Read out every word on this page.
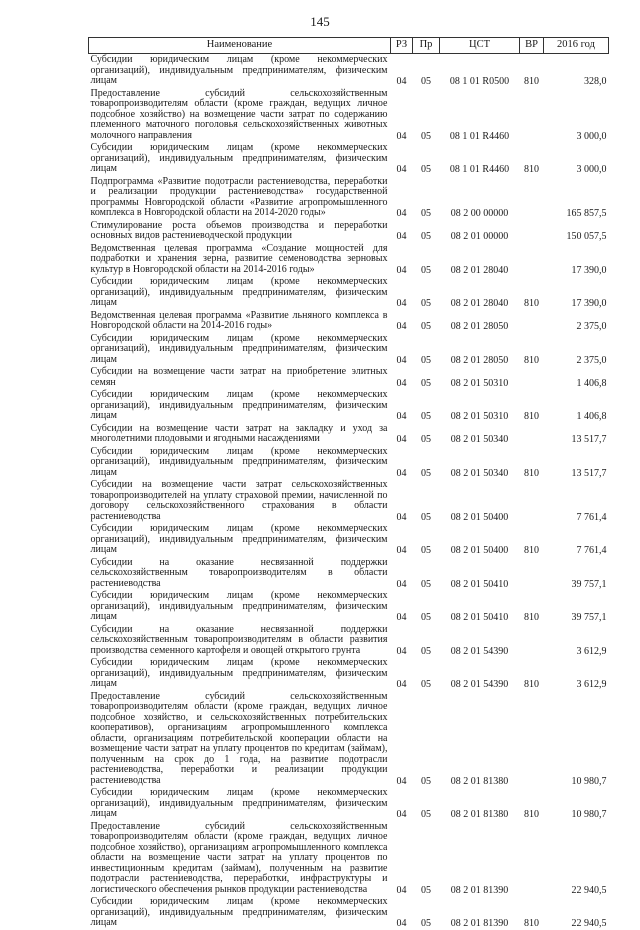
145
Наименование	РЗ	Пр	ЦСТ	ВР	2016 год
Субсидии юридическим лицам (кроме некоммерческих организаций), индивидуальным предпринимателям, физическим лицам	04	05	08 1 01 R0500	810	328,0
Предоставление субсидий сельскохозяйственным товаропроизводителям области (кроме граждан, ведущих личное подсобное хозяйство) на возмещение части затрат по содержанию племенного маточного поголовья сельскохозяйственных животных молочного направления	04	05	08 1 01 R4460		3 000,0
Субсидии юридическим лицам (кроме некоммерческих организаций), индивидуальным предпринимателям, физическим лицам	04	05	08 1 01 R4460	810	3 000,0
Подпрограмма «Развитие подотрасли растениеводства, переработки и реализации продукции растениеводства» государственной программы Новгородской области «Развитие агропромышленного комплекса в Новгородской области на 2014-2020 годы»	04	05	08 2 00 00000		165 857,5
Стимулирование роста объемов производства и переработки основных видов растениеводческой продукции	04	05	08 2 01 00000		150 057,5
Ведомственная целевая программа «Создание мощностей для подработки и хранения зерна, развитие семеноводства зерновых культур в Новгородской области на 2014-2016 годы»	04	05	08 2 01 28040		17 390,0
Субсидии юридическим лицам (кроме некоммерческих организаций), индивидуальным предпринимателям, физическим лицам	04	05	08 2 01 28040	810	17 390,0
Ведомственная целевая программа «Развитие льняного комплекса в Новгородской области на 2014-2016 годы»	04	05	08 2 01 28050		2 375,0
Субсидии юридическим лицам (кроме некоммерческих организаций), индивидуальным предпринимателям, физическим лицам	04	05	08 2 01 28050	810	2 375,0
Субсидии на возмещение части затрат на приобретение элитных семян	04	05	08 2 01 50310		1 406,8
Субсидии юридическим лицам (кроме некоммерческих организаций), индивидуальным предпринимателям, физическим лицам	04	05	08 2 01 50310	810	1 406,8
Субсидии на возмещение части затрат на закладку и уход за многолетними плодовыми и ягодными насаждениями	04	05	08 2 01 50340		13 517,7
Субсидии юридическим лицам (кроме некоммерческих организаций), индивидуальным предпринимателям, физическим лицам	04	05	08 2 01 50340	810	13 517,7
Субсидии на возмещение части затрат сельскохозяйственных товаропроизводителей на уплату страховой премии, начисленной по договору сельскохозяйственного страхования в области растениеводства	04	05	08 2 01 50400		7 761,4
Субсидии юридическим лицам (кроме некоммерческих организаций), индивидуальным предпринимателям, физическим лицам	04	05	08 2 01 50400	810	7 761,4
Субсидии на оказание несвязанной поддержки сельскохозяйственным товаропроизводителям в области растениеводства	04	05	08 2 01 50410		39 757,1
Субсидии юридическим лицам (кроме некоммерческих организаций), индивидуальным предпринимателям, физическим лицам	04	05	08 2 01 50410	810	39 757,1
Субсидии на оказание несвязанной поддержки сельскохозяйственным товаропроизводителям в области развития производства семенного картофеля и овощей открытого грунта	04	05	08 2 01 54390		3 612,9
Субсидии юридическим лицам (кроме некоммерческих организаций), индивидуальным предпринимателям, физическим лицам	04	05	08 2 01 54390	810	3 612,9
Предоставление субсидий сельскохозяйственным товаропроизводителям области (кроме граждан, ведущих личное подсобное хозяйство, и сельскохозяйственных потребительских кооперативов), организациям агропромышленного комплекса области, организациям потребительской кооперации области на возмещение части затрат на уплату процентов по кредитам (займам), полученным на срок до 1 года, на развитие подотрасли растениеводства, переработки и реализации продукции растениеводства	04	05	08 2 01 81380		10 980,7
Субсидии юридическим лицам (кроме некоммерческих организаций), индивидуальным предпринимателям, физическим лицам	04	05	08 2 01 81380	810	10 980,7
Предоставление субсидий сельскохозяйственным товаропроизводителям области (кроме граждан, ведущих личное подсобное хозяйство), организациям агропромышленного комплекса области на возмещение части затрат на уплату процентов по инвестиционным кредитам (займам), полученным на развитие подотрасли растениеводства, переработки, инфраструктуры и логистического обеспечения рынков продукции растениеводства	04	05	08 2 01 81390		22 940,5
Субсидии юридическим лицам (кроме некоммерческих организаций), индивидуальным предпринимателям, физическим лицам	04	05	08 2 01 81390	810	22 940,5
